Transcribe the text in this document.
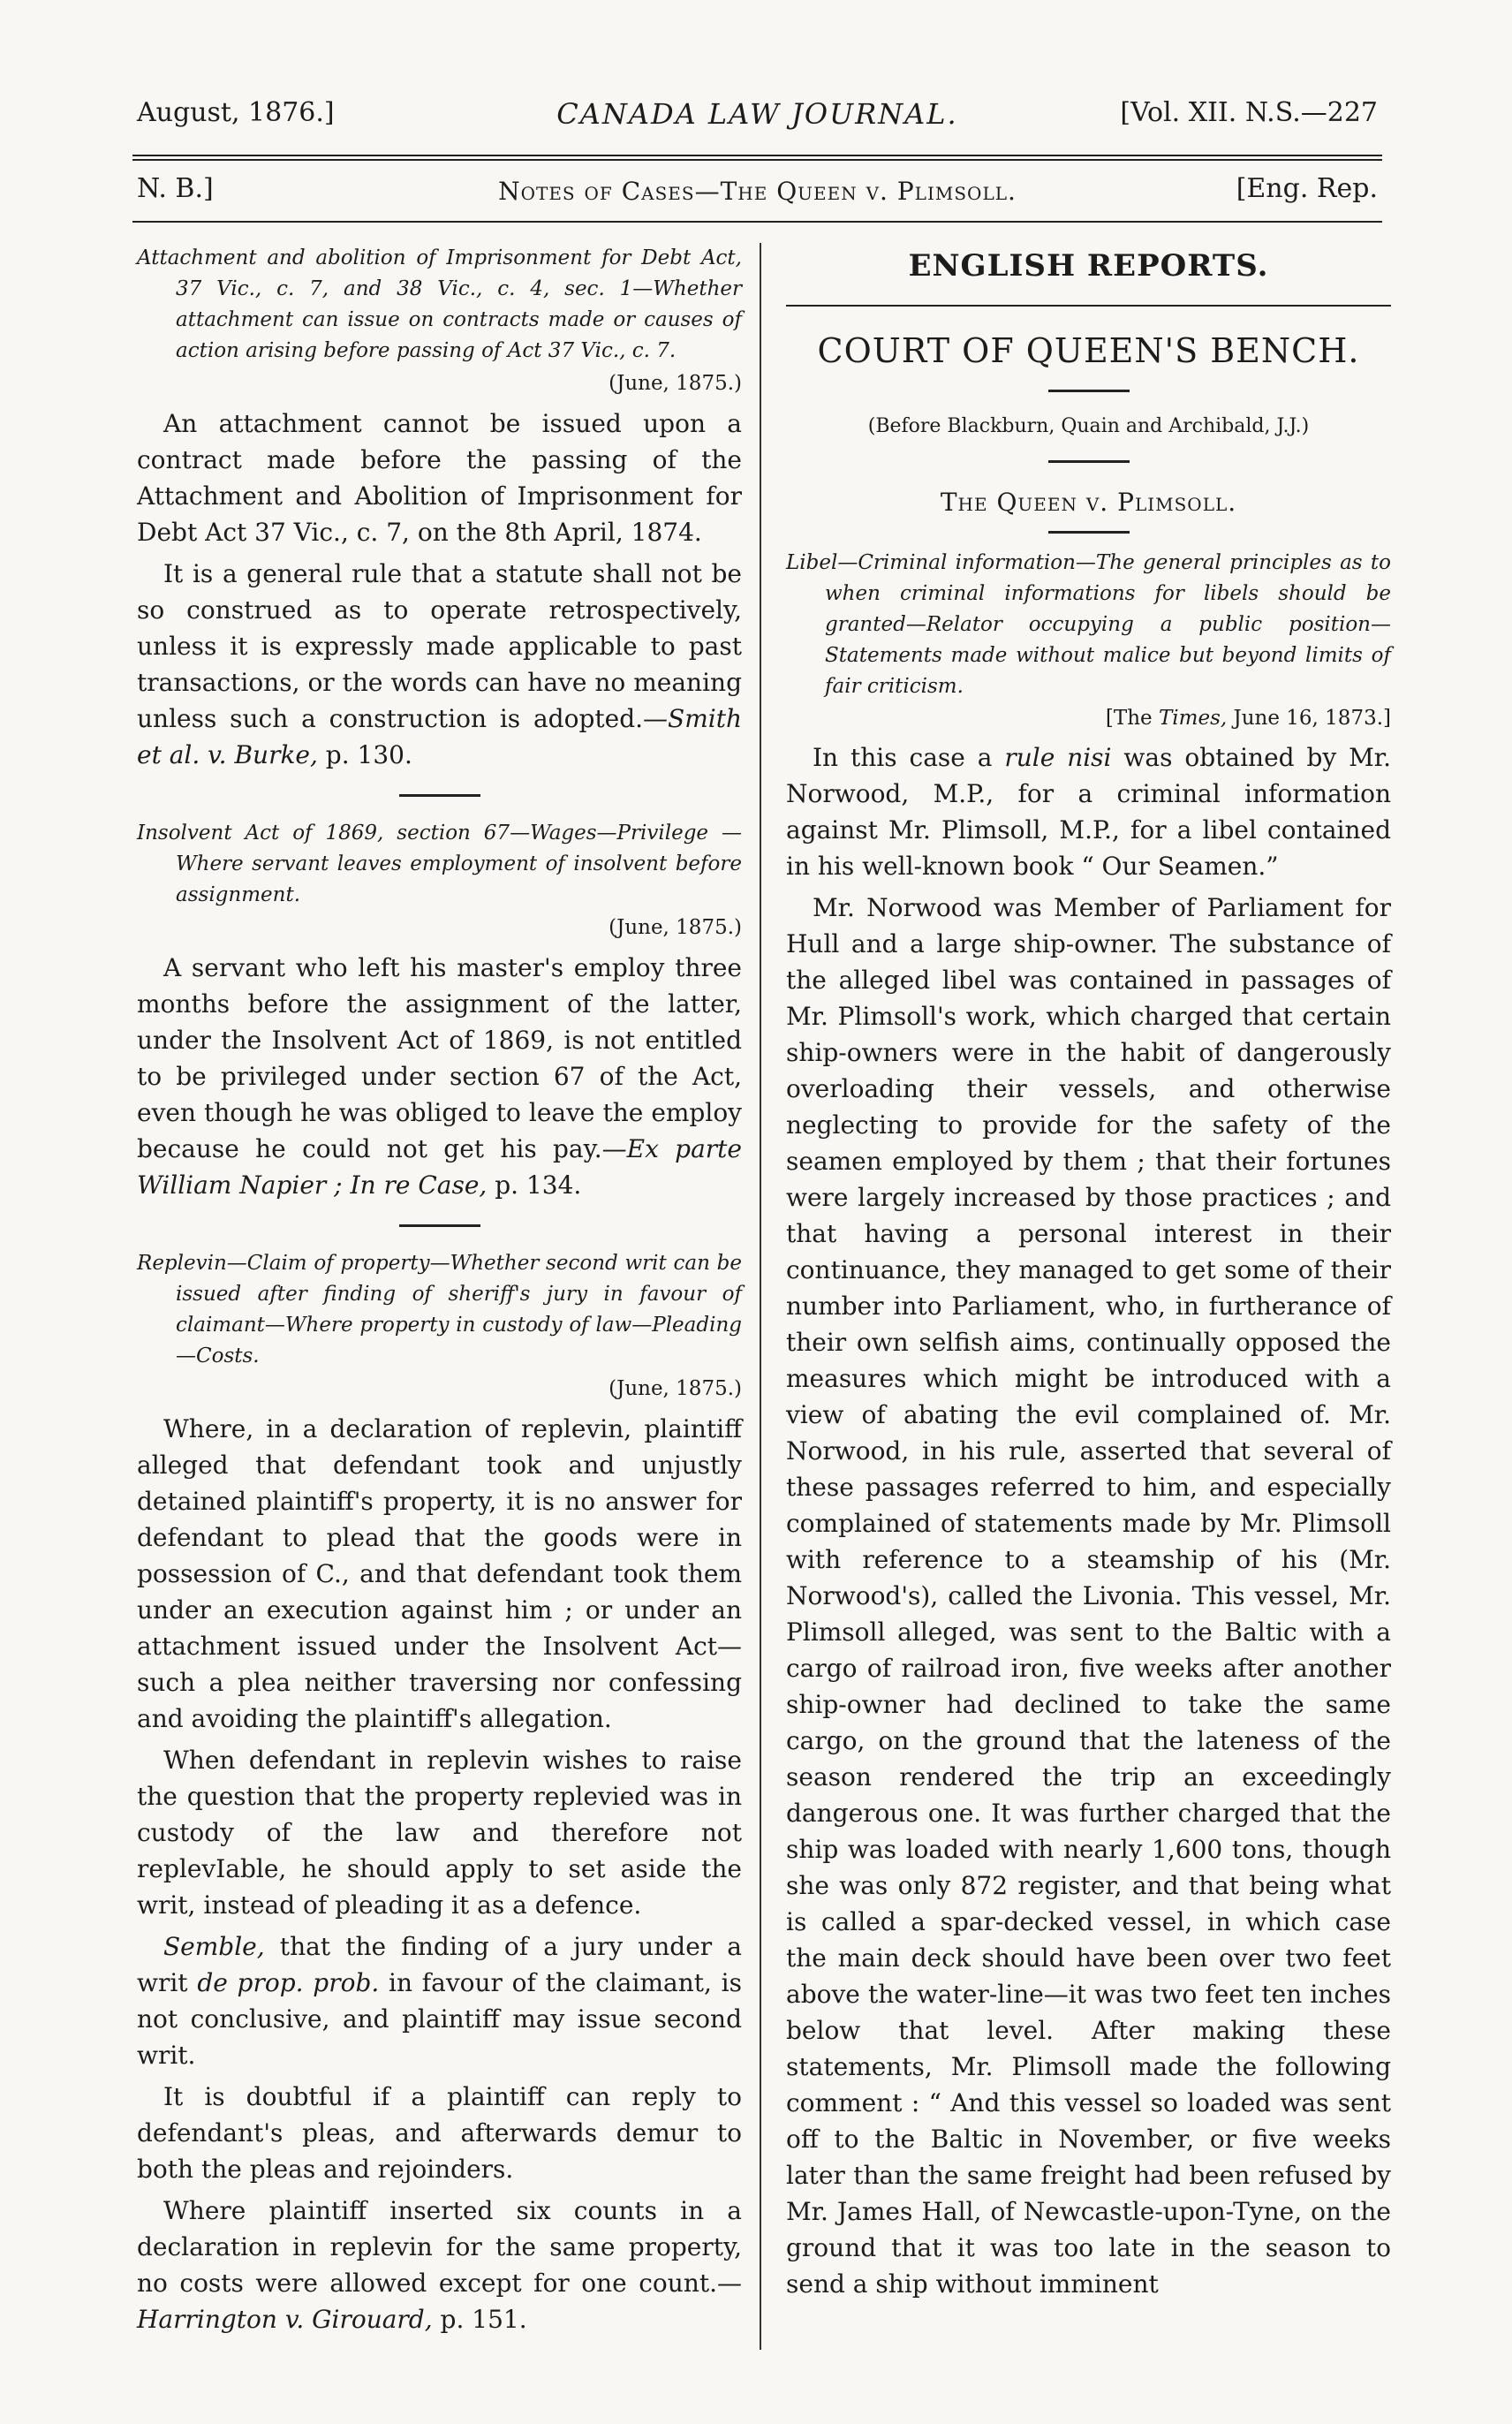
August, 1876.]	CANADA LAW JOURNAL.	[Vol. XII. N.S.—227
N. B.]	Notes of Cases—The Queen v. Plimsoll.	[Eng. Rep.

Attachment and abolition of Imprisonment for Debt Act, 37 Vic., c. 7, and 38 Vic., c. 4, sec. 1—Whether attachment can issue on contracts made or causes of action arising before passing of Act 37 Vic., c. 7.

(June, 1875.)

An attachment cannot be issued upon a contract made before the passing of the Attachment and Abolition of Imprisonment for Debt Act 37 Vic., c. 7, on the 8th April, 1874.

It is a general rule that a statute shall not be so construed as to operate retrospectively, unless it is expressly made applicable to past transactions, or the words can have no meaning unless such a construction is adopted.—Smith et al. v. Burke, p. 130.

Insolvent Act of 1869, section 67—Wages—Privilege —Where servant leaves employment of insolvent before assignment.

(June, 1875.)

A servant who left his master's employ three months before the assignment of the latter, under the Insolvent Act of 1869, is not entitled to be privileged under section 67 of the Act, even though he was obliged to leave the employ because he could not get his pay.—Ex parte William Napier ; In re Case, p. 134.

Replevin—Claim of property—Whether second writ can be issued after finding of sheriff's jury in favour of claimant—Where property in custody of law—Pleading—Costs.

(June, 1875.)

Where, in a declaration of replevin, plaintiff alleged that defendant took and unjustly detained plaintiff's property, it is no answer for defendant to plead that the goods were in possession of C., and that defendant took them under an execution against him ; or under an attachment issued under the Insolvent Act—such a plea neither traversing nor confessing and avoiding the plaintiff's allegation.

When defendant in replevin wishes to raise the question that the property replevied was in custody of the law and therefore not replevIable, he should apply to set aside the writ, instead of pleading it as a defence.

Semble, that the finding of a jury under a writ de prop. prob. in favour of the claimant, is not conclusive, and plaintiff may issue second writ.

It is doubtful if a plaintiff can reply to defendant's pleas, and afterwards demur to both the pleas and rejoinders.

Where plaintiff inserted six counts in a declaration in replevin for the same property, no costs were allowed except for one count.—Harrington v. Girouard, p. 151.

ENGLISH REPORTS.

COURT OF QUEEN'S BENCH.

(Before Blackburn, Quain and Archibald, J.J.)

The Queen v. Plimsoll.

Libel—Criminal information—The general principles as to when criminal informations for libels should be granted—Relator occupying a public position—Statements made without malice but beyond limits of fair criticism.

[The Times, June 16, 1873.]

In this case a rule nisi was obtained by Mr. Norwood, M.P., for a criminal information against Mr. Plimsoll, M.P., for a libel contained in his well-known book “ Our Seamen.”

Mr. Norwood was Member of Parliament for Hull and a large ship-owner. The substance of the alleged libel was contained in passages of Mr. Plimsoll's work, which charged that certain ship-owners were in the habit of dangerously overloading their vessels, and otherwise neglecting to provide for the safety of the seamen employed by them ; that their fortunes were largely increased by those practices ; and that having a personal interest in their continuance, they managed to get some of their number into Parliament, who, in furtherance of their own selfish aims, continually opposed the measures which might be introduced with a view of abating the evil complained of. Mr. Norwood, in his rule, asserted that several of these passages referred to him, and especially complained of statements made by Mr. Plimsoll with reference to a steamship of his (Mr. Norwood's), called the Livonia. This vessel, Mr. Plimsoll alleged, was sent to the Baltic with a cargo of railroad iron, five weeks after another ship-owner had declined to take the same cargo, on the ground that the lateness of the season rendered the trip an exceedingly dangerous one. It was further charged that the ship was loaded with nearly 1,600 tons, though she was only 872 register, and that being what is called a spar-decked vessel, in which case the main deck should have been over two feet above the water-line—it was two feet ten inches below that level. After making these statements, Mr. Plimsoll made the following comment : “ And this vessel so loaded was sent off to the Baltic in November, or five weeks later than the same freight had been refused by Mr. James Hall, of Newcastle-upon-Tyne, on the ground that it was too late in the season to send a ship without imminent
